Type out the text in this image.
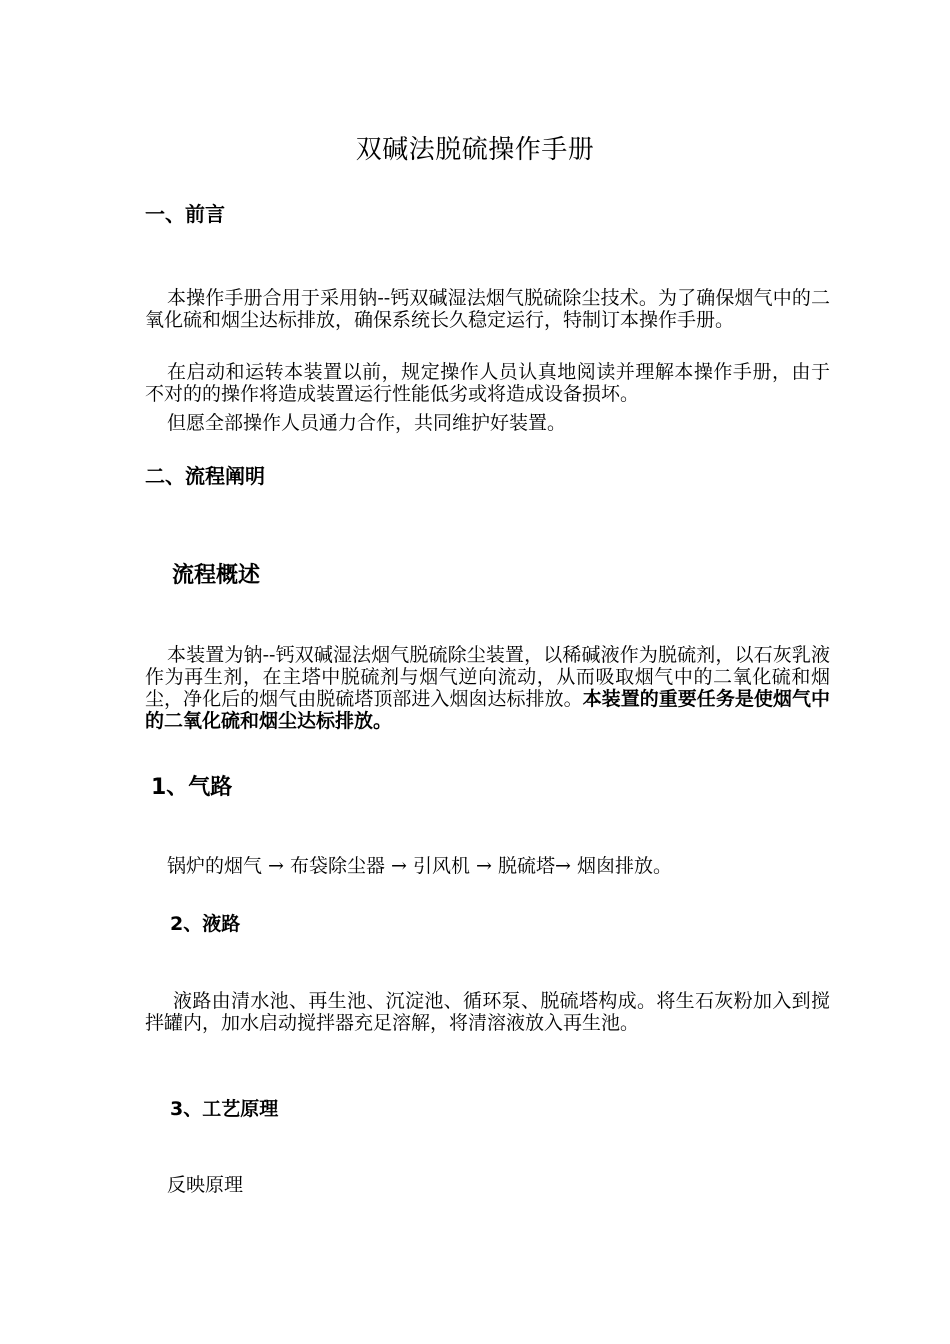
双碱法脱硫操作手册
一、前言
本操作手册合用于采用钠--钙双碱湿法烟气脱硫除尘技术。为了确保烟气中的二氧化硫和烟尘达标排放，确保系统长久稳定运行，特制订本操作手册。
在启动和运转本装置以前，规定操作人员认真地阅读并理解本操作手册，由于不对的的操作将造成装置运行性能低劣或将造成设备损坏。
但愿全部操作人员通力合作，共同维护好装置。
二、流程阐明
流程概述
本装置为钠--钙双碱湿法烟气脱硫除尘装置，以稀碱液作为脱硫剂，以石灰乳液作为再生剂，在主塔中脱硫剂与烟气逆向流动，从而吸取烟气中的二氧化硫和烟尘，净化后的烟气由脱硫塔顶部进入烟囱达标排放。本装置的重要任务是使烟气中的二氧化硫和烟尘达标排放。
1、气路
锅炉的烟气 → 布袋除尘器 → 引风机 → 脱硫塔→ 烟囱排放。
2、液路
液路由清水池、再生池、沉淀池、循环泵、脱硫塔构成。将生石灰粉加入到搅拌罐内，加水启动搅拌器充足溶解，将清溶液放入再生池。
3、工艺原理
反映原理
